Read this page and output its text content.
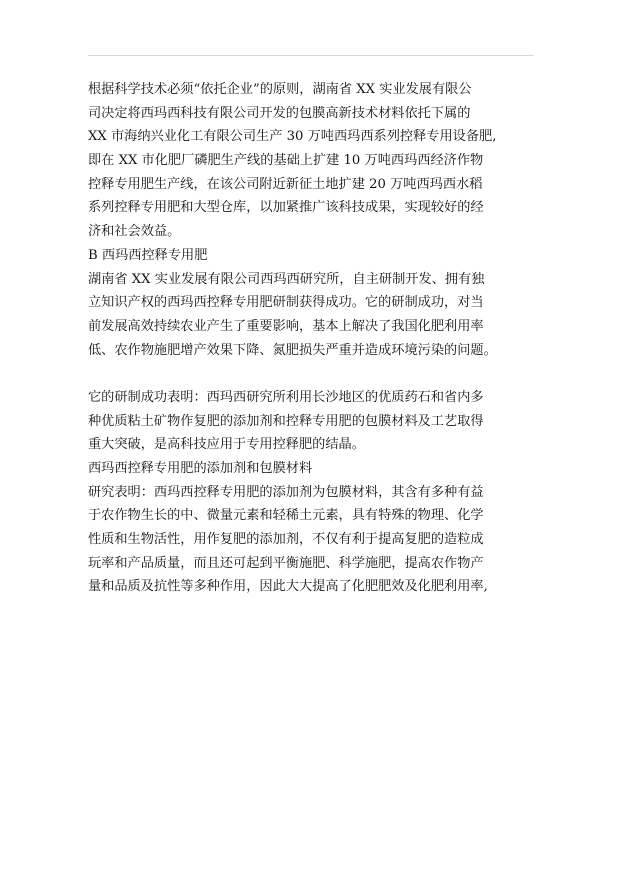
根据科学技术必须“依托企业”的原则，湖南省 XX 实业发展有限公
司决定将西玛西科技有限公司开发的包膜高新技术材料依托下属的
XX 市海纳兴业化工有限公司生产 30 万吨西玛西系列控释专用设备肥,
即在 XX 市化肥厂磷肥生产线的基础上扩建 10 万吨西玛西经济作物
控释专用肥生产线，在该公司附近新征土地扩建 20 万吨西玛西水稻
系列控释专用肥和大型仓库，以加紧推广该科技成果，实现较好的经
济和社会效益。
B 西玛西控释专用肥
湖南省 XX 实业发展有限公司西玛西研究所，自主研制开发、拥有独
立知识产权的西玛西控释专用肥研制获得成功。它的研制成功，对当
前发展高效持续农业产生了重要影响，基本上解决了我国化肥利用率
低、农作物施肥增产效果下降、氮肥损失严重并造成环境污染的问题。
它的研制成功表明：西玛西研究所利用长沙地区的优质药石和省内多
种优质粘土矿物作复肥的添加剂和控释专用肥的包膜材料及工艺取得
重大突破，是高科技应用于专用控释肥的结晶。
西玛西控释专用肥的添加剂和包膜材料
研究表明：西玛西控释专用肥的添加剂为包膜材料，其含有多种有益
于农作物生长的中、微量元素和轻稀土元素，具有特殊的物理、化学
性质和生物活性，用作复肥的添加剂，不仅有利于提高复肥的造粒成
玩率和产品质量，而且还可起到平衡施肥、科学施肥，提高农作物产
量和品质及抗性等多种作用，因此大大提高了化肥肥效及化肥利用率,
